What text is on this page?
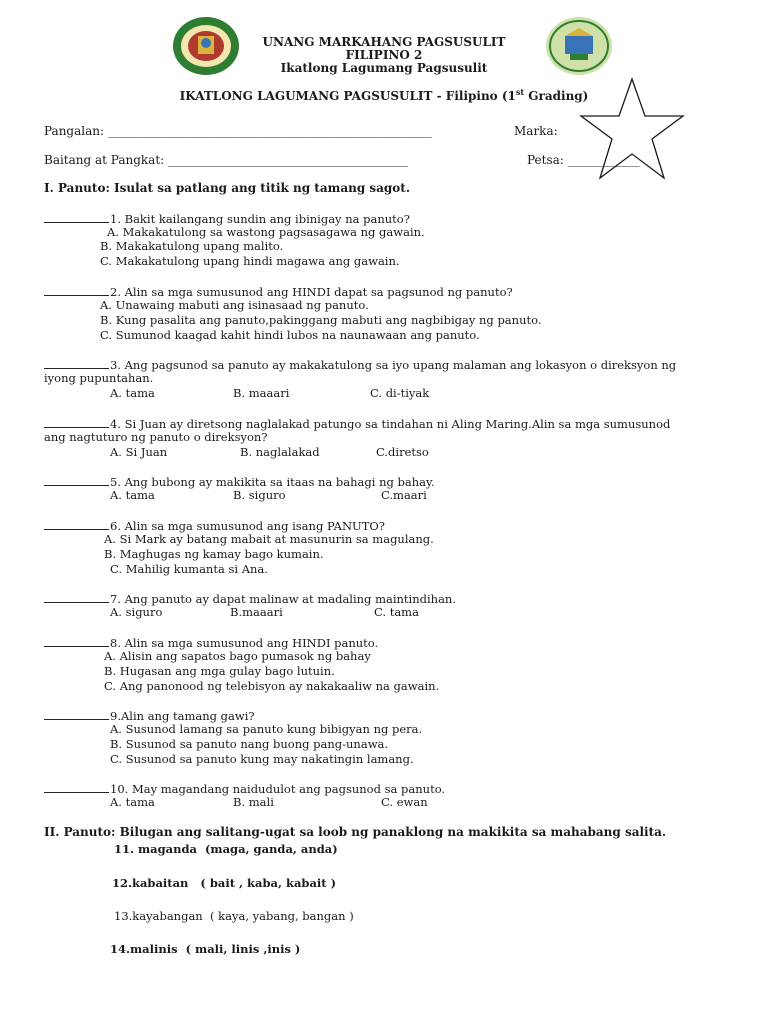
UNANG MARKAHANG PAGSUSULIT
FILIPINO 2
Ikatlong Lagumang Pagsusulit
IKATLONG LAGUMANG PAGSUSULIT - Filipino (1st Grading)
Pangalan: ______________________________________________________	Marka:
Baitang at Pangkat: ________________________________________	Petsa: ____________
I. Panuto: Isulat sa patlang ang titik ng tamang sagot.
1. Bakit kailangang sundin ang ibinigay na panuto?
A. Makakatulong sa wastong pagsasagawa ng gawain.
B. Makakatulong upang malito.
C. Makakatulong upang hindi magawa ang gawain.
2. Alin sa mga sumusunod ang HINDI dapat sa pagsunod ng panuto?
A. Unawaing mabuti ang isinasaad ng panuto.
B. Kung pasalita ang panuto,pakinggang mabuti ang nagbibigay ng panuto.
C. Sumunod kaagad kahit hindi lubos na naunawaan ang panuto.
3. Ang pagsunod sa panuto ay makakatulong sa iyo upang malaman ang lokasyon o direksyon ng
iyong pupuntahan.
A. tama	B. maaari	C. di-tiyak
4. Si Juan ay diretsong naglalakad patungo sa tindahan ni Aling Maring.Alin sa mga sumusunod
ang nagtuturo ng panuto o direksyon?
A. Si Juan	B. naglalakad	C.diretso
5. Ang bubong ay makikita sa itaas na bahagi ng bahay.
A. tama	B. siguro	C.maari
6. Alin sa mga sumusunod ang isang PANUTO?
A. Si Mark ay batang mabait at masunurin sa magulang.
B. Maghugas ng kamay bago kumain.
C. Mahilig kumanta si Ana.
7. Ang panuto ay dapat malinaw at madaling maintindihan.
A. siguro	B.maaari	C. tama
8. Alin sa mga sumusunod ang HINDI panuto.
A. Alisin ang sapatos bago pumasok ng bahay
B. Hugasan ang mga gulay bago lutuin.
C. Ang panonood ng telebisyon ay nakakaaliw na gawain.
9.Alin ang tamang gawi?
A. Susunod lamang sa panuto kung bibigyan ng pera.
B. Susunod sa panuto nang buong pang-unawa.
C. Susunod sa panuto kung may nakatingin lamang.
10. May magandang naidudulot ang pagsunod sa panuto.
A. tama	B. mali	C. ewan
II. Panuto: Bilugan ang salitang-ugat sa loob ng panaklong na makikita sa mahabang salita.
11. maganda  (maga, ganda, anda)
12.kabaitan   ( bait , kaba, kabait )
13.kayabangan  ( kaya, yabang, bangan )
14.malinis  ( mali, linis ,inis )
